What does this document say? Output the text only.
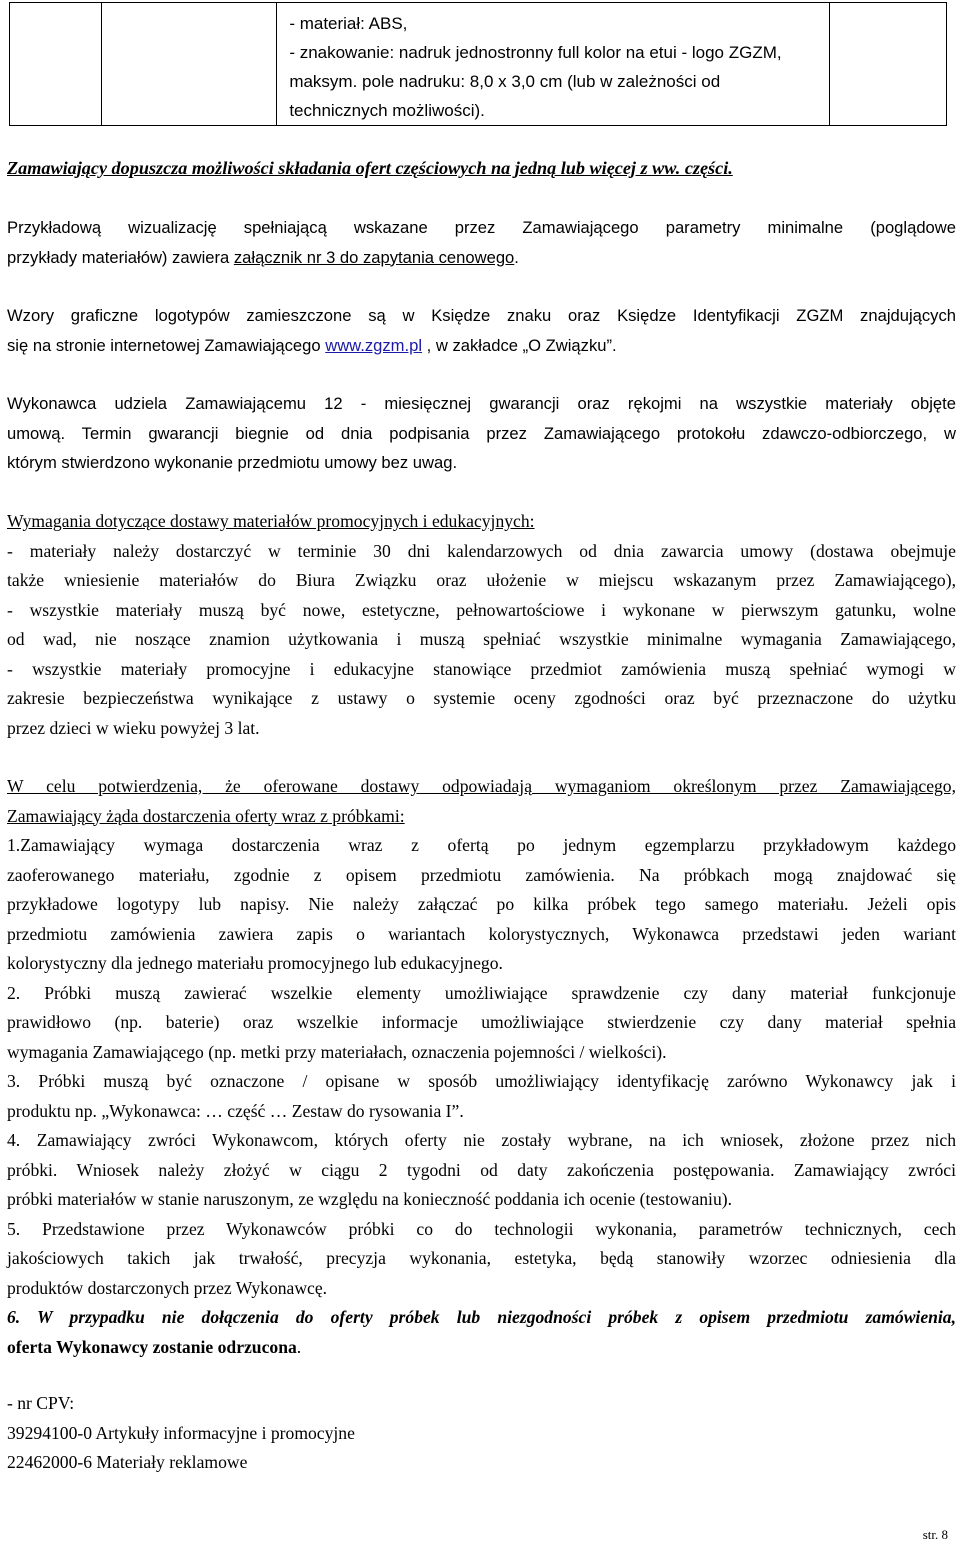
- materiał: ABS,
- znakowanie: nadruk jednostronny full kolor na etui - logo ZGZM,
maksym. pole nadruku: 8,0 x 3,0 cm (lub w zależności od
technicznych możliwości).

Zamawiający dopuszcza możliwości składania ofert częściowych na jedną lub więcej z ww. części.
Przykładową wizualizację spełniającą wskazane przez Zamawiającego parametry minimalne (poglądowe
przykłady materiałów) zawiera załącznik nr 3 do zapytania cenowego.
Wzory graficzne logotypów zamieszczone są w Księdze znaku oraz Księdze Identyfikacji ZGZM znajdujących
się na stronie internetowej Zamawiającego www.zgzm.pl , w zakładce „O Związku”.
Wykonawca udziela Zamawiającemu 12 - miesięcznej gwarancji oraz rękojmi na wszystkie materiały objęte
umową. Termin gwarancji biegnie od dnia podpisania przez Zamawiającego protokołu zdawczo-odbiorczego, w
którym stwierdzono wykonanie przedmiotu umowy bez uwag.
Wymagania dotyczące dostawy materiałów promocyjnych i edukacyjnych:
- materiały należy dostarczyć w terminie 30 dni kalendarzowych od dnia zawarcia umowy (dostawa obejmuje
także wniesienie materiałów do Biura Związku oraz ułożenie w miejscu wskazanym przez Zamawiającego),
- wszystkie materiały muszą być nowe, estetyczne, pełnowartościowe i wykonane w pierwszym gatunku, wolne
od wad, nie noszące znamion użytkowania i muszą spełniać wszystkie minimalne wymagania Zamawiającego,
- wszystkie materiały promocyjne i edukacyjne stanowiące przedmiot zamówienia muszą spełniać wymogi w
zakresie bezpieczeństwa wynikające z ustawy o systemie oceny zgodności oraz być przeznaczone do użytku
przez dzieci w wieku powyżej 3 lat.
W celu potwierdzenia, że oferowane dostawy odpowiadają wymaganiom określonym przez Zamawiającego,
Zamawiający żąda dostarczenia oferty wraz z próbkami:
1.Zamawiający wymaga dostarczenia wraz z ofertą po jednym egzemplarzu przykładowym każdego
zaoferowanego materiału, zgodnie z opisem przedmiotu zamówienia. Na próbkach mogą znajdować się
przykładowe logotypy lub napisy. Nie należy załączać po kilka próbek tego samego materiału. Jeżeli opis
przedmiotu zamówienia zawiera zapis o wariantach kolorystycznych, Wykonawca przedstawi jeden wariant
kolorystyczny dla jednego materiału promocyjnego lub edukacyjnego.
2. Próbki muszą zawierać wszelkie elementy umożliwiające sprawdzenie czy dany materiał funkcjonuje
prawidłowo (np. baterie) oraz wszelkie informacje umożliwiające stwierdzenie czy dany materiał spełnia
wymagania Zamawiającego (np. metki przy materiałach, oznaczenia pojemności / wielkości).
3. Próbki muszą być oznaczone / opisane w sposób umożliwiający identyfikację zarówno Wykonawcy jak i
produktu np. „Wykonawca: … część … Zestaw do rysowania I”.
4. Zamawiający zwróci Wykonawcom, których oferty nie zostały wybrane, na ich wniosek, złożone przez nich
próbki. Wniosek należy złożyć w ciągu 2 tygodni od daty zakończenia postępowania. Zamawiający zwróci
próbki materiałów w stanie naruszonym, ze względu na konieczność poddania ich ocenie (testowaniu).
5. Przedstawione przez Wykonawców próbki co do technologii wykonania, parametrów technicznych, cech
jakościowych takich jak trwałość, precyzja wykonania, estetyka, będą stanowiły wzorzec odniesienia dla
produktów dostarczonych przez Wykonawcę.
6. W przypadku nie dołączenia do oferty próbek lub niezgodności próbek z opisem przedmiotu zamówienia,
oferta Wykonawcy zostanie odrzucona.
- nr CPV:
39294100-0 Artykuły informacyjne i promocyjne
22462000-6 Materiały reklamowe
str. 8
